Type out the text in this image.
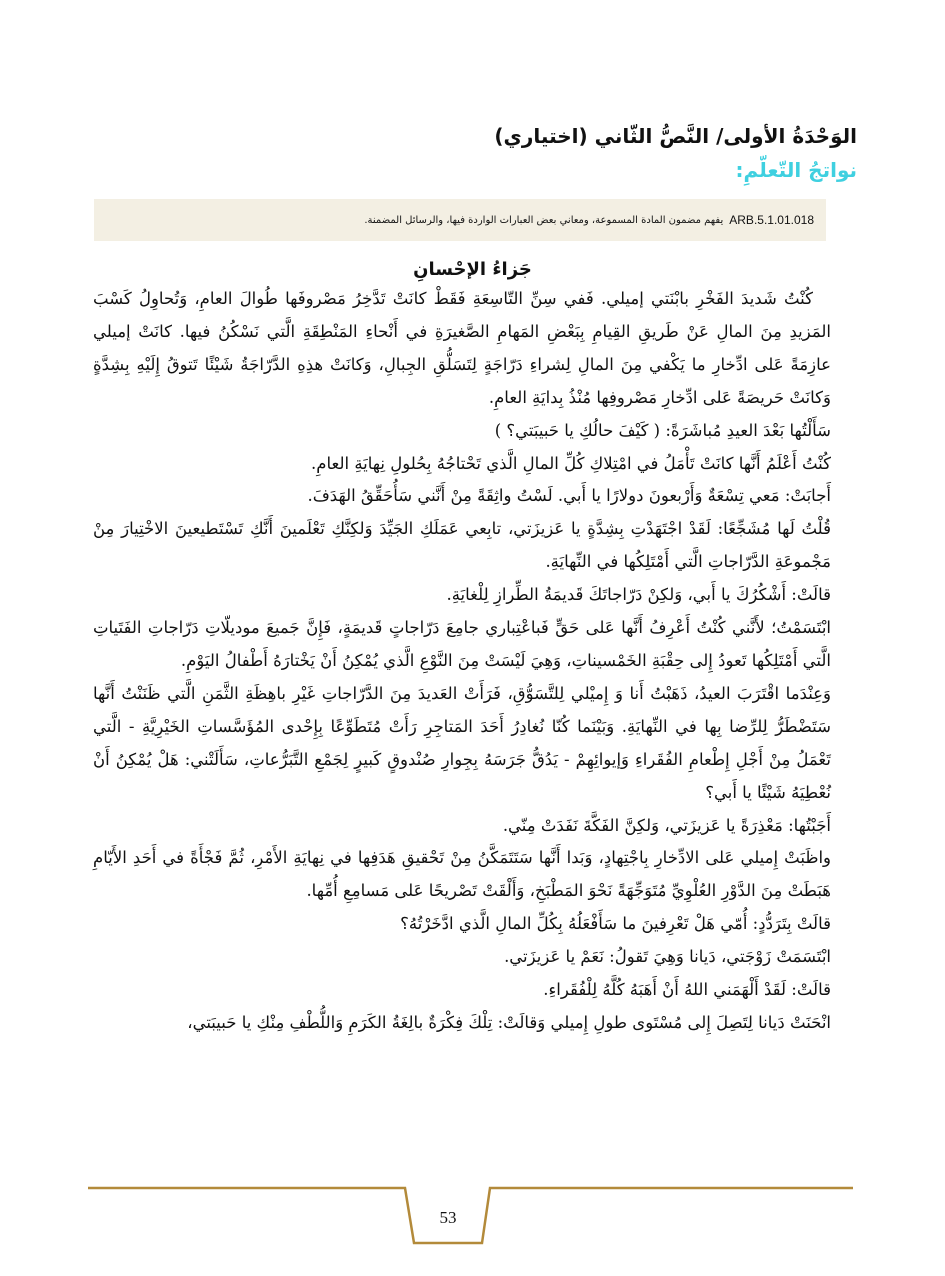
الوَحْدَةُ الأولى/ النَّصُّ الثّاني (اختياري)
نواتجُ التّعلّمِ:
ARB.5.1.01.018
يفهم مضمون المادة المسموعة، ومعاني بعض العبارات الواردة فيها، والرسائل المضمنة.
جَزاءُ الإحْسانِ

كُنْتُ شَديدَ الفَخْرِ بابْنَتي إميلي. فَفي سِنِّ التّاسِعَةِ فَقَطْ كانَتْ تَدَّخِرُ مَصْروفَها طُوالَ العامِ، وَتُحاوِلُ كَسْبَ المَزيدِ مِنَ المالِ عَنْ طَريقِ القِيامِ بِبَعْضِ المَهامِ الصَّغيرَةِ في أَنْحاءِ المَنْطِقَةِ الَّتي نَسْكُنُ فيها. كانَتْ إميلي عازِمَةً عَلى ادِّخارِ ما يَكْفي مِنَ المالِ لِشراءِ دَرّاجَةٍ لِتَسَلُّقِ الجِبالِ، وَكانَتْ هذِهِ الدَّرّاجَةُ شَيْئًا تَتوقُ إِلَيْهِ بِشِدَّةٍ وَكانَتْ حَريصَةً عَلى ادِّخارِ مَصْروفِها مُنْذُ بِدايَةِ العامِ.

سَأَلْتُها بَعْدَ العيدِ مُباشَرَةً: ( كَيْفَ حالُكِ يا حَبيبَتي؟ )

كُنْتُ أَعْلَمُ أَنَّها كانَتْ تَأْمَلُ في امْتِلاكِ كُلِّ المالِ الَّذي تَحْتاجُهُ بِحُلولِ نِهايَةِ العامِ.

أَجابَتْ: مَعي تِسْعَةٌ وَأَرْبعونَ دولارًا يا أَبي. لَسْتُ واثِقَةً مِنْ أَنَّني سَأُحَقِّقُ الهَدَفَ.

قُلْتُ لَها مُشَجِّعًا: لَقَدْ اجْتَهَدْتِ بِشِدَّةٍ يا عَزيزَتي، تابِعي عَمَلَكِ الجَيِّدَ وَلكِنَّكِ تَعْلَمينَ أَنَّكِ تَسْتَطيعينَ الاخْتِيارَ مِنْ مَجْموعَةِ الدَّرّاجاتِ الَّتي أَمْتَلِكُها في النِّهايَةِ.

قالَتْ: أَشْكُرُكَ يا أَبي، وَلكِنْ دَرّاجاتَكَ قَديمَةُ الطِّرازِ لِلْغايَةِ.

ابْتَسَمْتُ؛ لأَنَّني كُنْتُ أَعْرِفُ أَنَّها عَلى حَقٍّ فَباعْتِباري جامِعَ دَرّاجاتٍ قَديمَةٍ، فَإِنَّ جَميعَ موديلّاتِ دَرّاجاتِ الفَتَياتِ الَّتي أَمْتَلِكُها تَعودُ إِلى حِقْبَةِ الخَمْسيناتِ، وَهِيَ لَيْسَتْ مِنَ النَّوْعِ الَّذي يُمْكِنُ أَنْ يَخْتارَهُ أَطْفالُ اليَوْمِ.

وَعِنْدَما اقْتَرَبَ العيدُ، ذَهَبْتُ أَنا وَ إِميْلي لِلتَّسَوُّقِ، فَرَأَتْ العَديدَ مِنَ الدَّرّاجاتِ غَيْرِ باهِظَةِ الثَّمَنِ الَّتي ظَنَنْتُ أَنَّها سَتَضْطَرُّ لِلرِّضا بِها في النِّهايَةِ. وَبَيْنَما كُنّا نُغادِرُ أَحَدَ المَتاجِرِ رَأَتْ مُتَطَوِّعًا بِإِحْدى المُؤَسَّساتِ الخَيْرِيَّةِ - الَّتي تَعْمَلُ مِنْ أَجْلِ إِطْعامِ الفُقَراءِ وَإيوائِهِمْ - يَدُقُّ جَرَسَهُ بِجِوارِ صُنْدوقٍ كَبيرٍ لِجَمْعِ التَّبَرُّعاتِ، سَأَلَتْني: هَلْ يُمْكِنُ أَنْ نُعْطِيَهُ شَيْئًا يا أَبي؟

أَجَبْتُها: مَعْذِرَةً يا عَزيزَتي، وَلكِنَّ الفَكَّةَ نَفَدَتْ مِنّي.

واظَبَتْ إِميلي عَلى الادِّخارِ بِاجْتِهادٍ، وَبَدا أَنَّها سَتَتَمَكَّنُ مِنْ تَحْقيقِ هَدَفِها في نِهايَةِ الأَمْرِ، ثُمَّ فَجْأَةً في أَحَدِ الأَيّامِ هَبَطَتْ مِنَ الدَّوْرِ العُلْوِيِّ مُتَوَجِّهَةً نَحْوَ المَطْبَخِ، وَأَلْقَتْ تَصْريحًا عَلى مَسامِعِ أُمِّها.

قالَتْ بِتَرَدُّدٍ: أُمّي هَلْ تَعْرِفينَ ما سَأَفْعَلُهُ بِكُلِّ المالِ الَّذي ادَّخَرْتُهُ؟

ابْتَسَمَتْ زَوْجَتي، دَيانا وَهِيَ تَقولُ: نَعَمْ يا عَزيزَتي.

قالَتْ: لَقَدْ أَلْهَمَني اللهُ أَنْ أَهَبَهُ كُلَّهُ لِلْفُقَراءِ.

انْحَنَتْ دَيانا لِتَصِلَ إِلى مُسْتَوى طولِ إِميلي وَقالَتْ: تِلْكَ فِكْرَةٌ بالِغَةُ الكَرَمِ وَاللُّطْفِ مِنْكِ يا حَبيبَتي،

53
